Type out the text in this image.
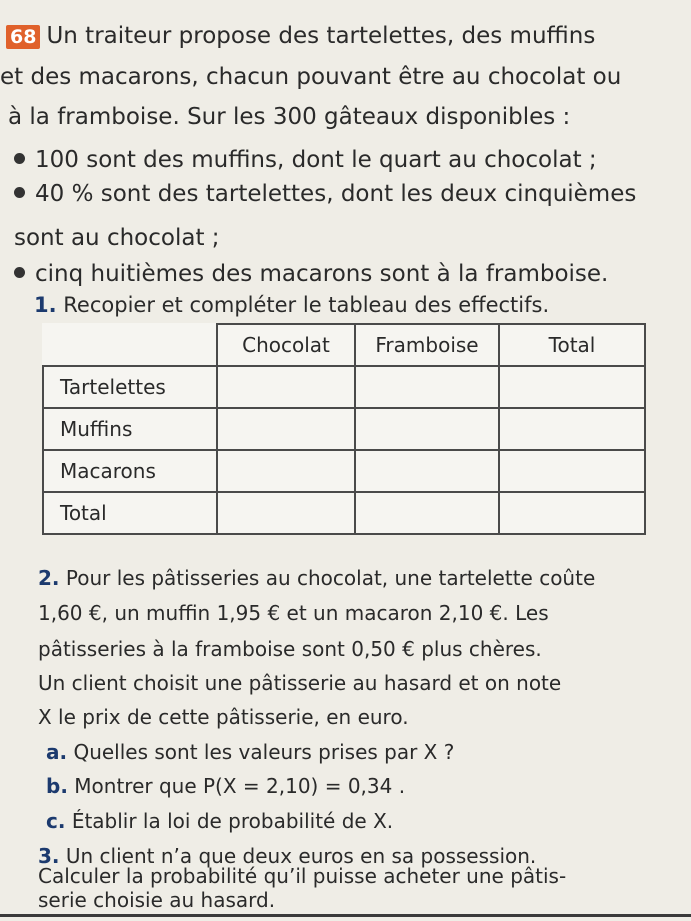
68 Un traiteur propose des tartelettes, des muffins
et des macarons, chacun pouvant être au chocolat ou
à la framboise. Sur les 300 gâteaux disponibles :
100 sont des muffins, dont le quart au chocolat ;
40 % sont des tartelettes, dont les deux cinquièmes
sont au chocolat ;
cinq huitièmes des macarons sont à la framboise.
1. Recopier et compléter le tableau des effectifs.
	Chocolat	Framboise	Total
Tartelettes			
Muffins			
Macarons			
Total			
2. Pour les pâtisseries au chocolat, une tartelette coûte
1,60 €, un muffin 1,95 € et un macaron 2,10 €. Les
pâtisseries à la framboise sont 0,50 € plus chères.
Un client choisit une pâtisserie au hasard et on note
X le prix de cette pâtisserie, en euro.
a. Quelles sont les valeurs prises par X ?
b. Montrer que P(X = 2,10) = 0,34 .
c. Établir la loi de probabilité de X.
3. Un client n’a que deux euros en sa possession.
Calculer la probabilité qu’il puisse acheter une pâtis-
serie choisie au hasard.
